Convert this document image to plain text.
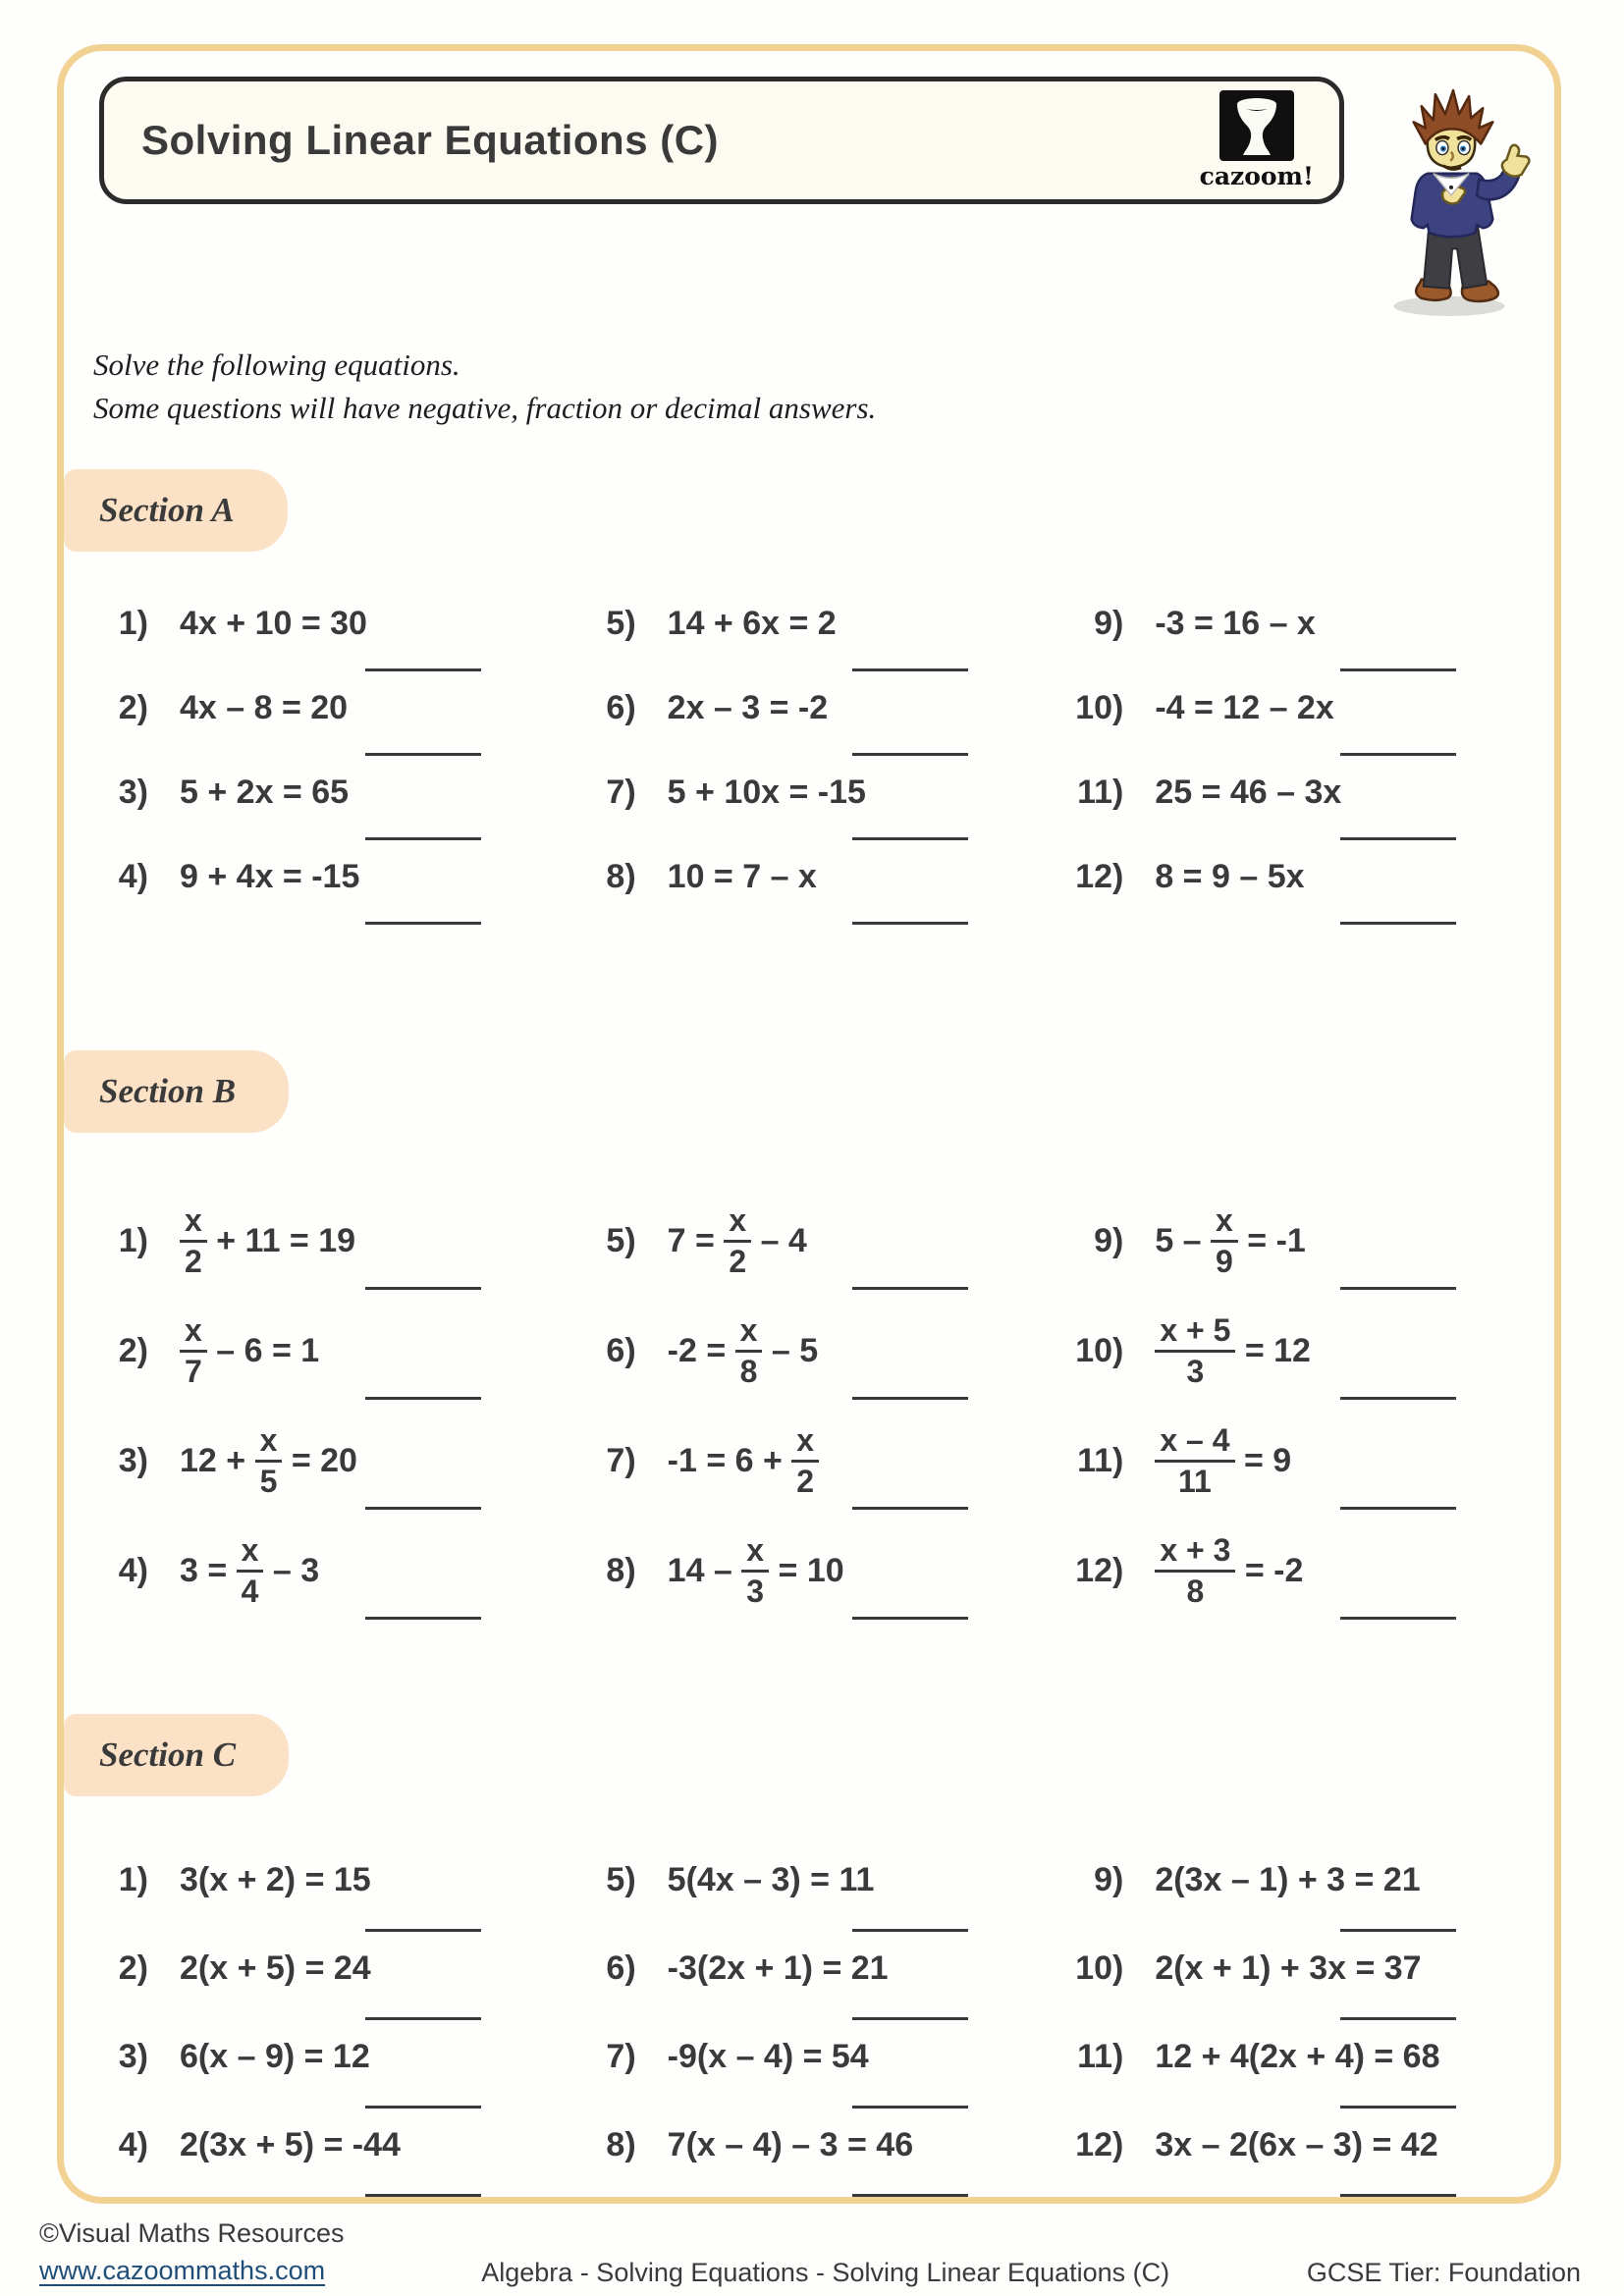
Solving Linear Equations (C)
cazoom!

Solve the following equations.

Some questions will have negative, fraction or decimal answers.

Section A
1) 4x + 10 = 30
2) 4x – 8 = 20
3) 5 + 2x = 65
4) 9 + 4x = -15
5) 14 + 6x = 2
6) 2x – 3 = -2
7) 5 + 10x = -15
8) 10 = 7 – x
9) -3 = 16 – x
10) -4 = 12 – 2x
11) 25 = 46 – 3x
12) 8 = 9 – 5x
Section B
$1) \frac{x}{2} + 11 = 19$
$2) \frac{x}{7} - 6 = 1$
3) $12 + \frac{x}{5} = 20$
4) $3 = \frac{x}{4} - 3$
5) $7 = \frac{x}{2} - 4$
6) $-2 = \frac{x}{8} - 5$
7) $-1 = 6 + \frac{x}{2}$
8) $14 - \frac{x}{3} = 10$
9) $5 - \frac{x}{9} = -1$
$10) \frac{x + 5}{3} = 12$
$11) \frac{x - 4}{11} = 9$
$12) \frac{x + 3}{8} = -2$
Section C
1) 3(x + 2) = 15
2) 2(x + 5) = 24
3) 6(x – 9) = 12
4) 2(3x + 5) = -44
5) 5(4x – 3) = 11
6) -3(2x + 1) = 21
7) -9(x – 4) = 54
8) 7(x – 4) – 3 = 46
9) 2(3x – 1) + 3 = 21
10) 2(x + 1) + 3x = 37
11) 12 + 4(2x + 4) = 68
12) 3x – 2(6x – 3) = 42
©Visual Maths Resources
www.cazoommaths.com	Algebra - Solving Equations - Solving Linear Equations (C)	GCSE Tier: Foundation
